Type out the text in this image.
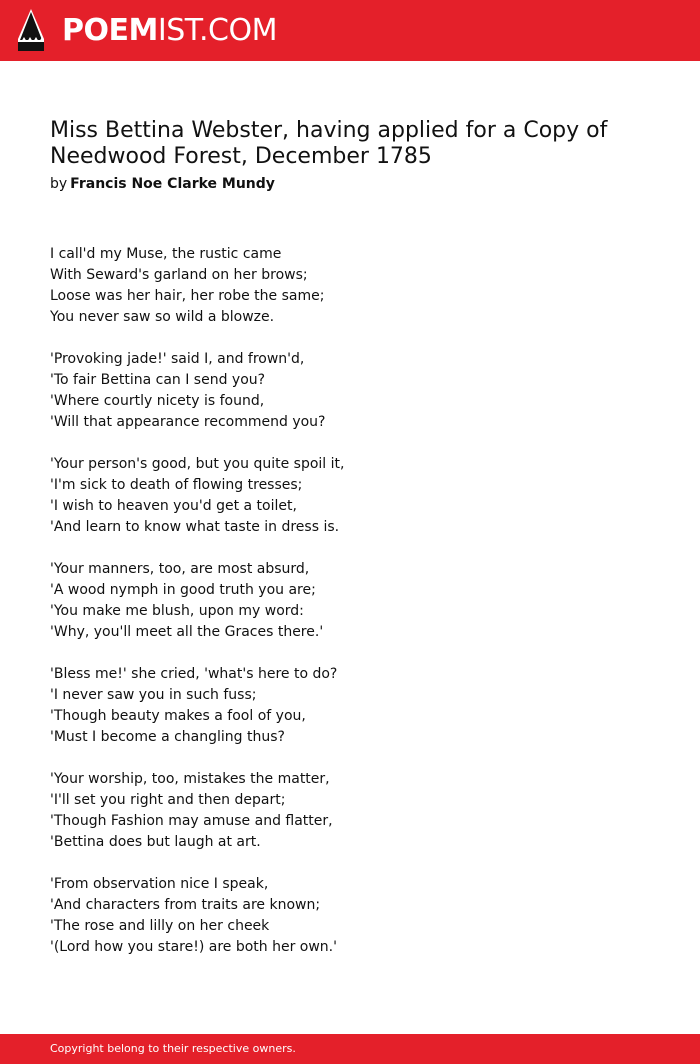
POEMIST.COM
Miss Bettina Webster, having applied for a Copy of Needwood Forest, December 1785
by Francis Noe Clarke Mundy
I call'd my Muse, the rustic came
With Seward's garland on her brows;
Loose was her hair, her robe the same;
You never saw so wild a blowze.
'Provoking jade!' said I, and frown'd,
'To fair Bettina can I send you?
'Where courtly nicety is found,
'Will that appearance recommend you?
'Your person's good, but you quite spoil it,
'I'm sick to death of flowing tresses;
'I wish to heaven you'd get a toilet,
'And learn to know what taste in dress is.
'Your manners, too, are most absurd,
'A wood nymph in good truth you are;
'You make me blush, upon my word:
'Why, you'll meet all the Graces there.'
'Bless me!' she cried, 'what's here to do?
'I never saw you in such fuss;
'Though beauty makes a fool of you,
'Must I become a changling thus?
'Your worship, too, mistakes the matter,
'I'll set you right and then depart;
'Though Fashion may amuse and flatter,
'Bettina does but laugh at art.
'From observation nice I speak,
'And characters from traits are known;
'The rose and lilly on her cheek
'(Lord how you stare!) are both her own.'
Copyright belong to their respective owners.
